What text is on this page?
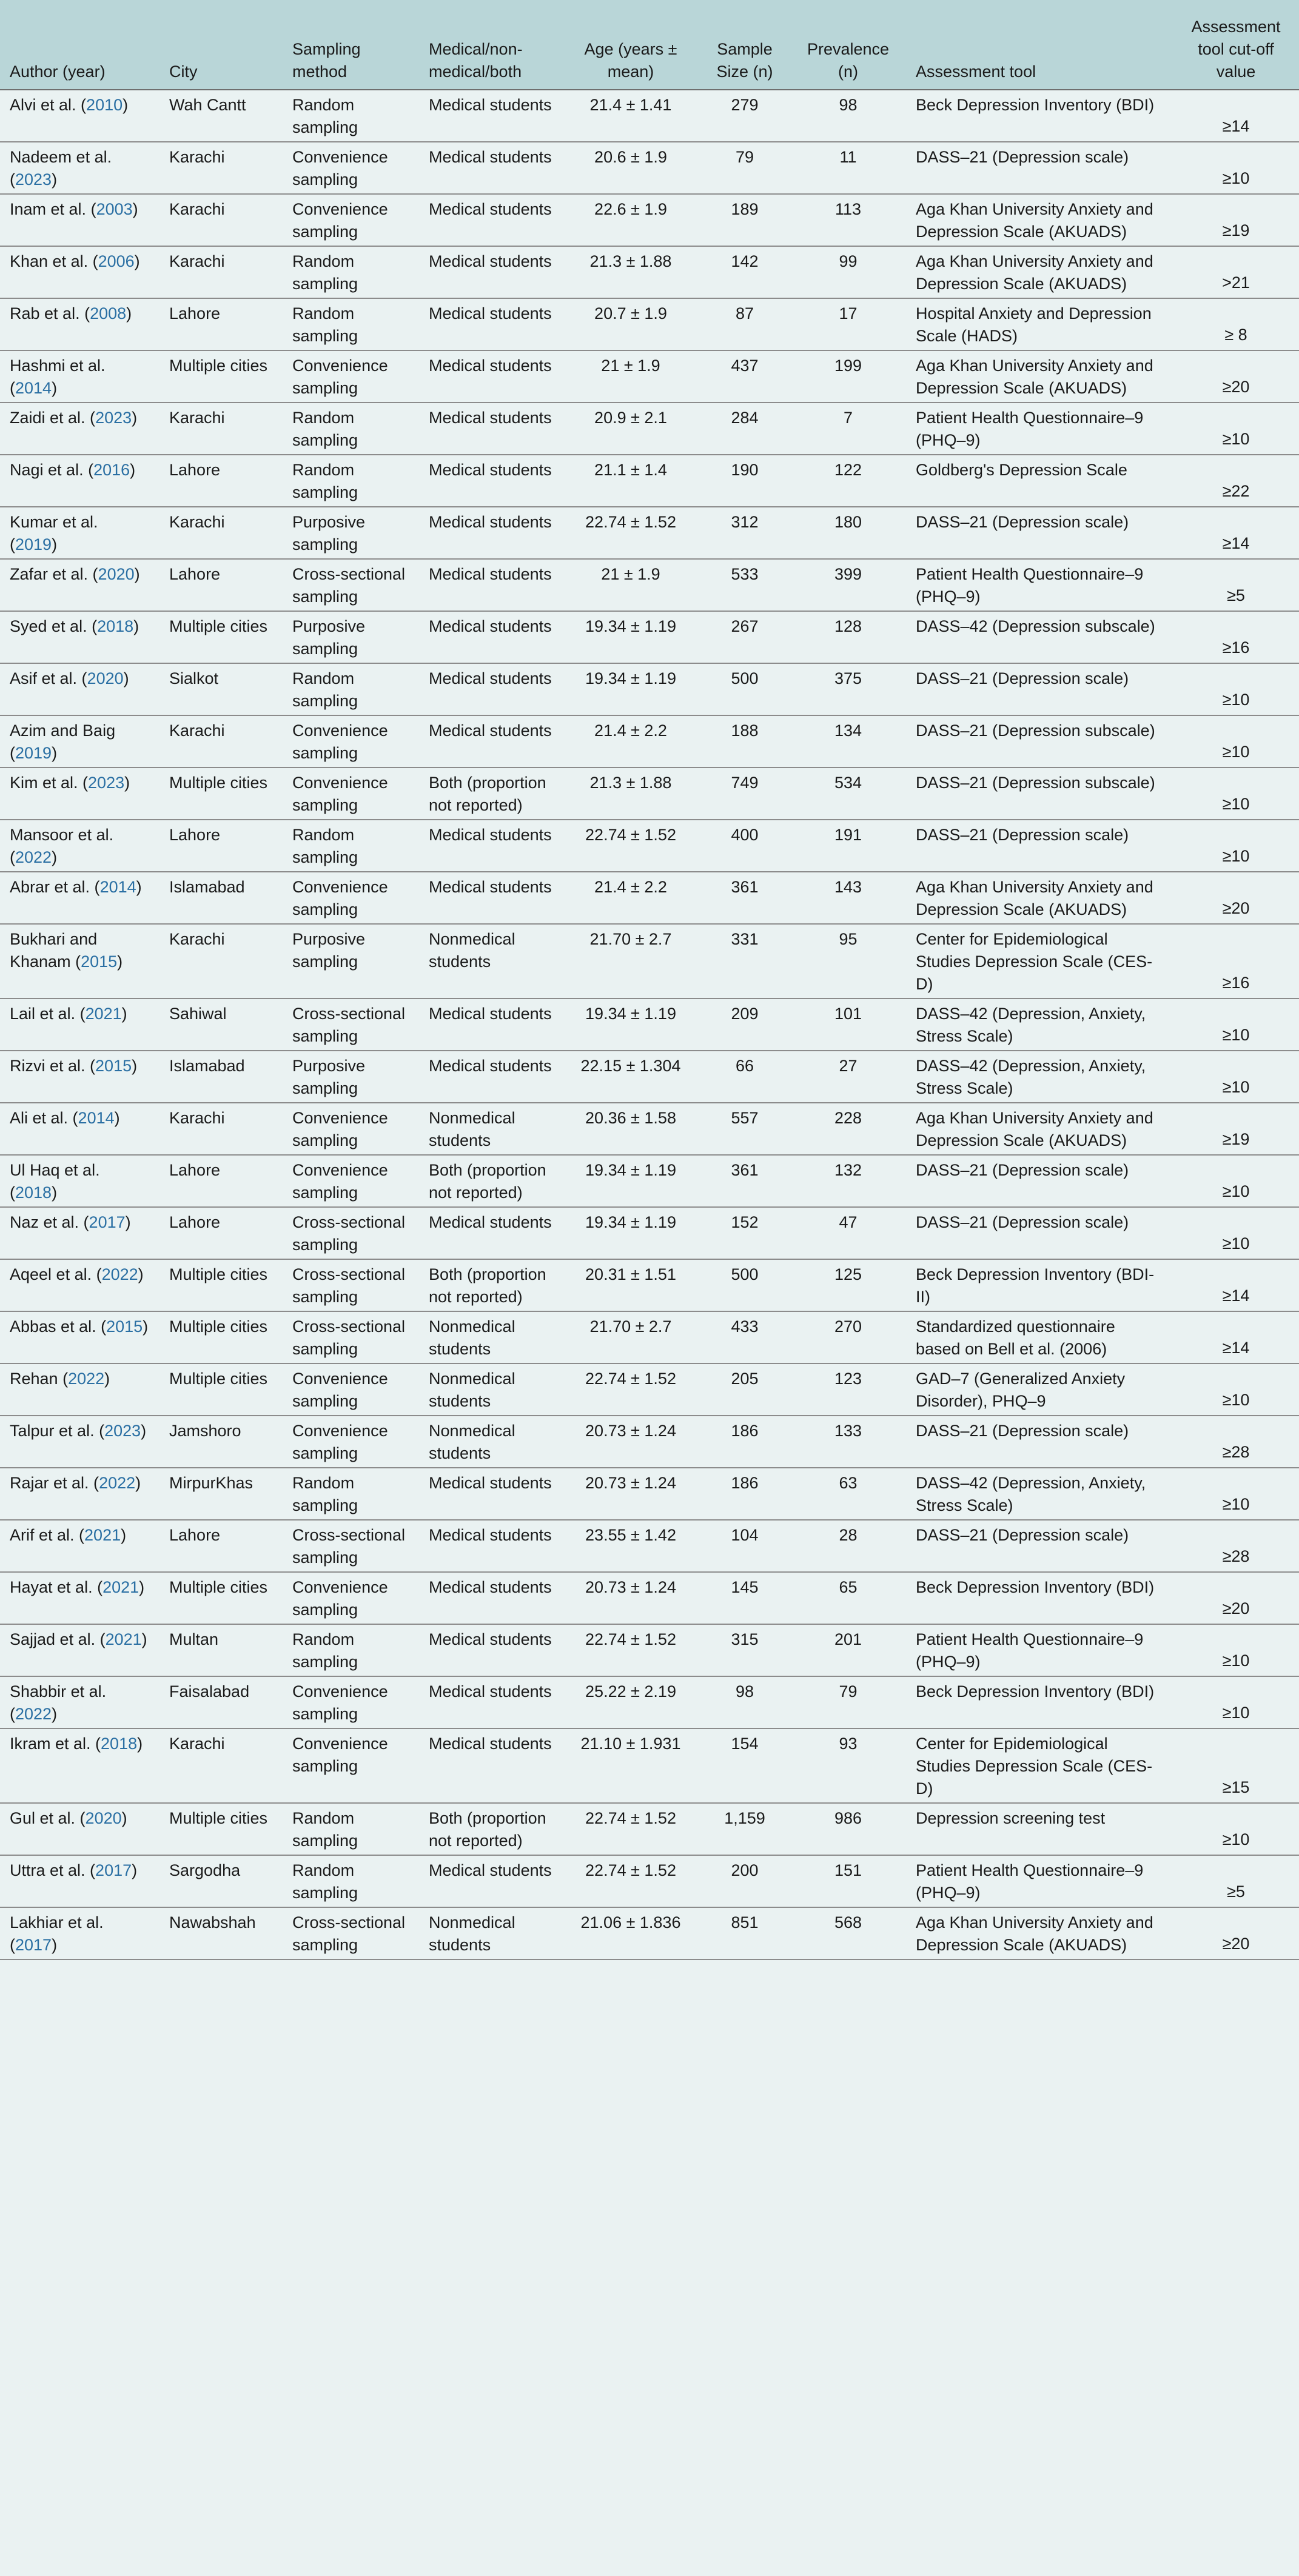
Author (year)	City	Sampling method	Medical/non-medical/both	Age (years ± mean)	Sample Size (n)	Prevalence (n)	Assessment tool	Assessment tool cut-off value
Alvi et al. (2010)	Wah Cantt	Random sampling	Medical students	21.4 ± 1.41	279	98	Beck Depression Inventory (BDI)	≥14
Nadeem et al. (2023)	Karachi	Convenience sampling	Medical students	20.6 ± 1.9	79	11	DASS–21 (Depression scale)	≥10
Inam et al. (2003)	Karachi	Convenience sampling	Medical students	22.6 ± 1.9	189	113	Aga Khan University Anxiety and Depression Scale (AKUADS)	≥19
Khan et al. (2006)	Karachi	Random sampling	Medical students	21.3 ± 1.88	142	99	Aga Khan University Anxiety and Depression Scale (AKUADS)	>21
Rab et al. (2008)	Lahore	Random sampling	Medical students	20.7 ± 1.9	87	17	Hospital Anxiety and Depression Scale (HADS)	≥ 8
Hashmi et al. (2014)	Multiple cities	Convenience sampling	Medical students	21 ± 1.9	437	199	Aga Khan University Anxiety and Depression Scale (AKUADS)	≥20
Zaidi et al. (2023)	Karachi	Random sampling	Medical students	20.9 ± 2.1	284	7	Patient Health Questionnaire–9 (PHQ–9)	≥10
Nagi et al. (2016)	Lahore	Random sampling	Medical students	21.1 ± 1.4	190	122	Goldberg's Depression Scale	≥22
Kumar et al. (2019)	Karachi	Purposive sampling	Medical students	22.74 ± 1.52	312	180	DASS–21 (Depression scale)	≥14
Zafar et al. (2020)	Lahore	Cross-sectional sampling	Medical students	21 ± 1.9	533	399	Patient Health Questionnaire–9 (PHQ–9)	≥5
Syed et al. (2018)	Multiple cities	Purposive sampling	Medical students	19.34 ± 1.19	267	128	DASS–42 (Depression subscale)	≥16
Asif et al. (2020)	Sialkot	Random sampling	Medical students	19.34 ± 1.19	500	375	DASS–21 (Depression scale)	≥10
Azim and Baig (2019)	Karachi	Convenience sampling	Medical students	21.4 ± 2.2	188	134	DASS–21 (Depression subscale)	≥10
Kim et al. (2023)	Multiple cities	Convenience sampling	Both (proportion not reported)	21.3 ± 1.88	749	534	DASS–21 (Depression subscale)	≥10
Mansoor et al. (2022)	Lahore	Random sampling	Medical students	22.74 ± 1.52	400	191	DASS–21 (Depression scale)	≥10
Abrar et al. (2014)	Islamabad	Convenience sampling	Medical students	21.4 ± 2.2	361	143	Aga Khan University Anxiety and Depression Scale (AKUADS)	≥20
Bukhari and Khanam (2015)	Karachi	Purposive sampling	Nonmedical students	21.70 ± 2.7	331	95	Center for Epidemiological Studies Depression Scale (CES-D)	≥16
Lail et al. (2021)	Sahiwal	Cross-sectional sampling	Medical students	19.34 ± 1.19	209	101	DASS–42 (Depression, Anxiety, Stress Scale)	≥10
Rizvi et al. (2015)	Islamabad	Purposive sampling	Medical students	22.15 ± 1.304	66	27	DASS–42 (Depression, Anxiety, Stress Scale)	≥10
Ali et al. (2014)	Karachi	Convenience sampling	Nonmedical students	20.36 ± 1.58	557	228	Aga Khan University Anxiety and Depression Scale (AKUADS)	≥19
Ul Haq et al. (2018)	Lahore	Convenience sampling	Both (proportion not reported)	19.34 ± 1.19	361	132	DASS–21 (Depression scale)	≥10
Naz et al. (2017)	Lahore	Cross-sectional sampling	Medical students	19.34 ± 1.19	152	47	DASS–21 (Depression scale)	≥10
Aqeel et al. (2022)	Multiple cities	Cross-sectional sampling	Both (proportion not reported)	20.31 ± 1.51	500	125	Beck Depression Inventory (BDI-II)	≥14
Abbas et al. (2015)	Multiple cities	Cross-sectional sampling	Nonmedical students	21.70 ± 2.7	433	270	Standardized questionnaire based on Bell et al. (2006)	≥14
Rehan (2022)	Multiple cities	Convenience sampling	Nonmedical students	22.74 ± 1.52	205	123	GAD–7 (Generalized Anxiety Disorder), PHQ–9	≥10
Talpur et al. (2023)	Jamshoro	Convenience sampling	Nonmedical students	20.73 ± 1.24	186	133	DASS–21 (Depression scale)	≥28
Rajar et al. (2022)	MirpurKhas	Random sampling	Medical students	20.73 ± 1.24	186	63	DASS–42 (Depression, Anxiety, Stress Scale)	≥10
Arif et al. (2021)	Lahore	Cross-sectional sampling	Medical students	23.55 ± 1.42	104	28	DASS–21 (Depression scale)	≥28
Hayat et al. (2021)	Multiple cities	Convenience sampling	Medical students	20.73 ± 1.24	145	65	Beck Depression Inventory (BDI)	≥20
Sajjad et al. (2021)	Multan	Random sampling	Medical students	22.74 ± 1.52	315	201	Patient Health Questionnaire–9 (PHQ–9)	≥10
Shabbir et al. (2022)	Faisalabad	Convenience sampling	Medical students	25.22 ± 2.19	98	79	Beck Depression Inventory (BDI)	≥10
Ikram et al. (2018)	Karachi	Convenience sampling	Medical students	21.10 ± 1.931	154	93	Center for Epidemiological Studies Depression Scale (CES-D)	≥15
Gul et al. (2020)	Multiple cities	Random sampling	Both (proportion not reported)	22.74 ± 1.52	1,159	986	Depression screening test	≥10
Uttra et al. (2017)	Sargodha	Random sampling	Medical students	22.74 ± 1.52	200	151	Patient Health Questionnaire–9 (PHQ–9)	≥5
Lakhiar et al. (2017)	Nawabshah	Cross-sectional sampling	Nonmedical students	21.06 ± 1.836	851	568	Aga Khan University Anxiety and Depression Scale (AKUADS)	≥20
